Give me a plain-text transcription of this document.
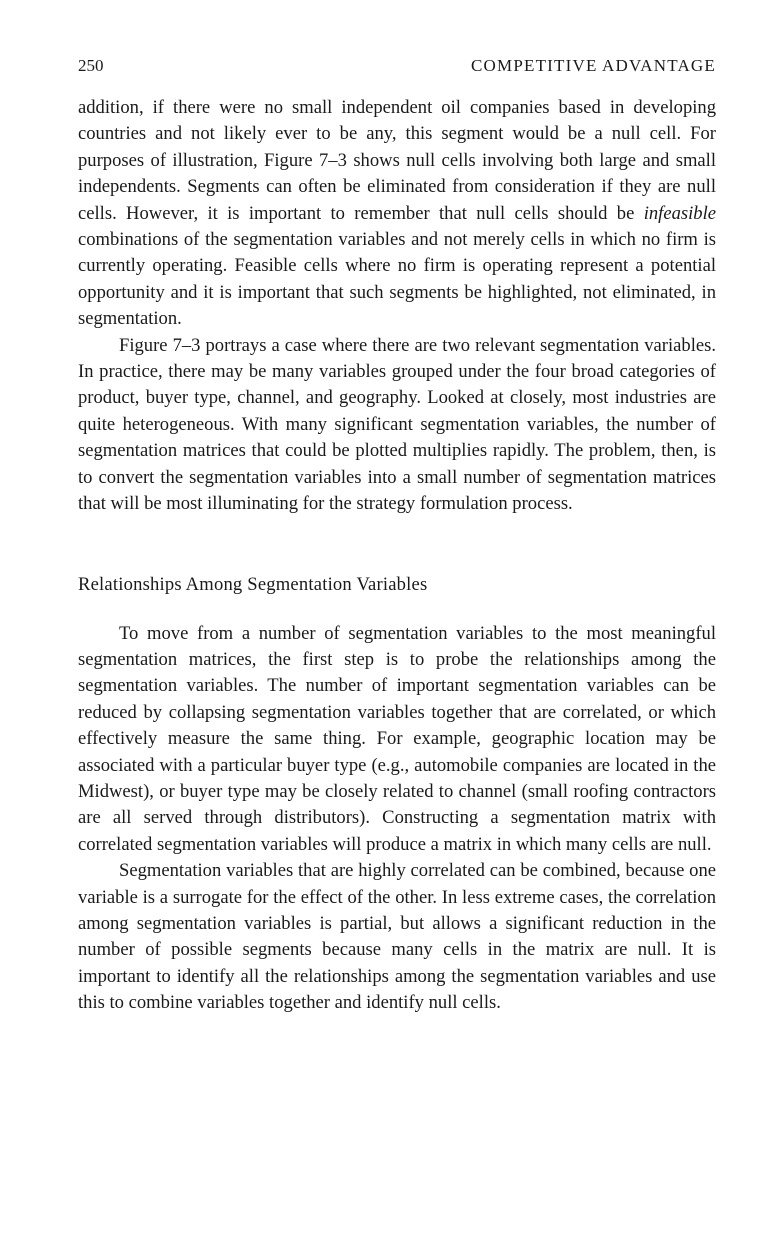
250	COMPETITIVE ADVANTAGE

addition, if there were no small independent oil companies based in developing countries and not likely ever to be any, this segment would be a null cell. For purposes of illustration, Figure 7–3 shows null cells involving both large and small independents. Segments can often be eliminated from consideration if they are null cells. However, it is important to remember that null cells should be infeasible combinations of the segmentation variables and not merely cells in which no firm is currently operating. Feasible cells where no firm is operating represent a potential opportunity and it is important that such segments be highlighted, not eliminated, in segmentation.

Figure 7–3 portrays a case where there are two relevant segmentation variables. In practice, there may be many variables grouped under the four broad categories of product, buyer type, channel, and geography. Looked at closely, most industries are quite heterogeneous. With many significant segmentation variables, the number of segmentation matrices that could be plotted multiplies rapidly. The problem, then, is to convert the segmentation variables into a small number of segmentation matrices that will be most illuminating for the strategy formulation process.

Relationships Among Segmentation Variables

To move from a number of segmentation variables to the most meaningful segmentation matrices, the first step is to probe the relationships among the segmentation variables. The number of important segmentation variables can be reduced by collapsing segmentation variables together that are correlated, or which effectively measure the same thing. For example, geographic location may be associated with a particular buyer type (e.g., automobile companies are located in the Midwest), or buyer type may be closely related to channel (small roofing contractors are all served through distributors). Constructing a segmentation matrix with correlated segmentation variables will produce a matrix in which many cells are null.

Segmentation variables that are highly correlated can be combined, because one variable is a surrogate for the effect of the other. In less extreme cases, the correlation among segmentation variables is partial, but allows a significant reduction in the number of possible segments because many cells in the matrix are null. It is important to identify all the relationships among the segmentation variables and use this to combine variables together and identify null cells.
